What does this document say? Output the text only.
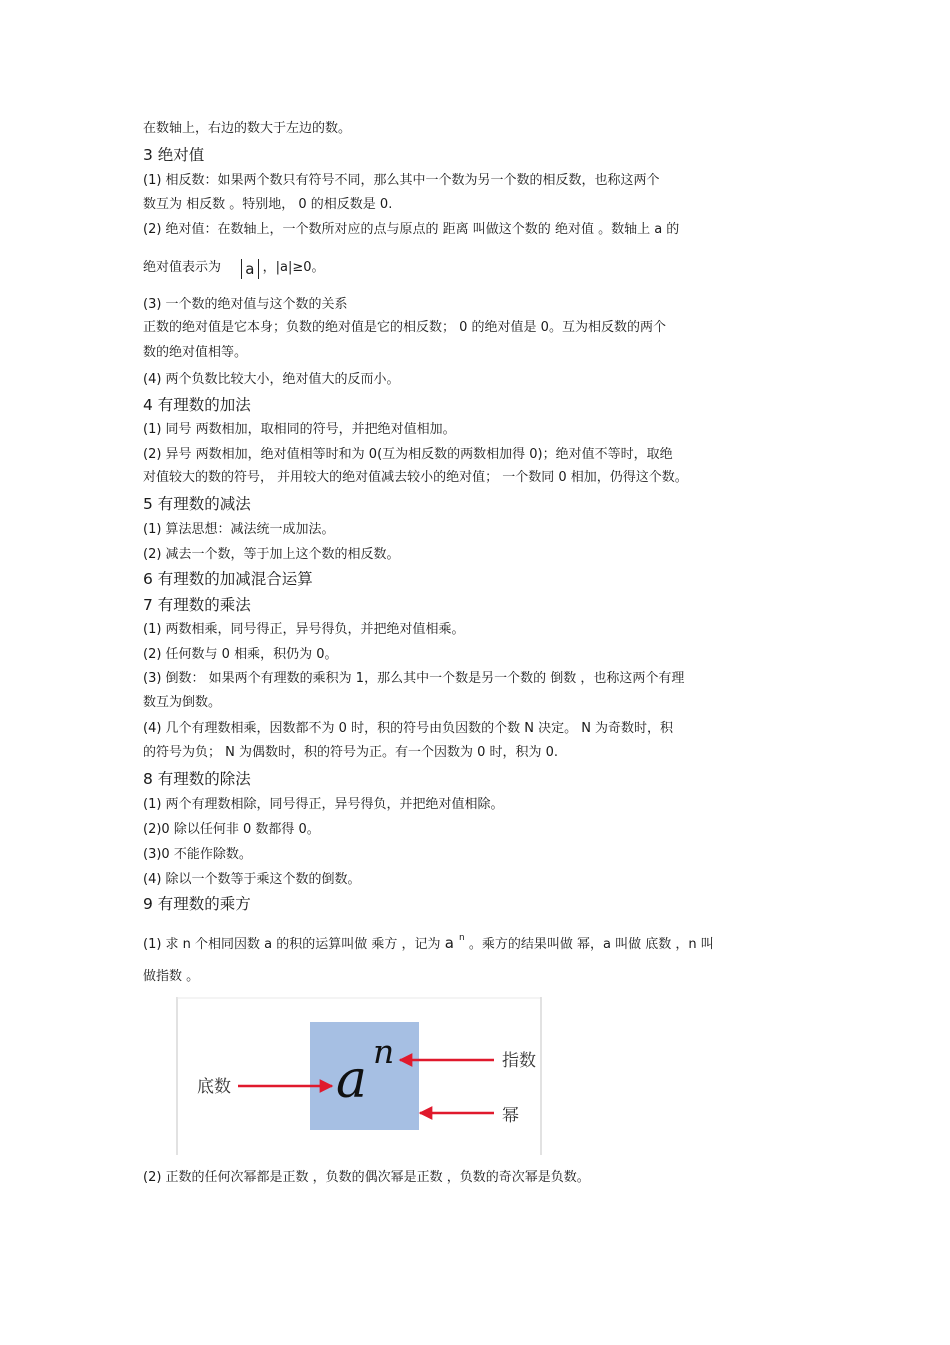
在数轴上，右边的数大于左边的数。
3 绝对值
(1) 相反数：如果两个数只有符号不同，那么其中一个数为另一个数的相反数，也称这两个
数互为 相反数 。特别地， 0 的相反数是 0.
(2) 绝对值：在数轴上，一个数所对应的点与原点的 距离 叫做这个数的 绝对值 。数轴上 a 的
绝对值表示为 a ，|a|≥0。
(3) 一个数的绝对值与这个数的关系
正数的绝对值是它本身；负数的绝对值是它的相反数； 0 的绝对值是 0。互为相反数的两个
数的绝对值相等。
(4) 两个负数比较大小，绝对值大的反而小。
4 有理数的加法
(1) 同号 两数相加，取相同的符号，并把绝对值相加。
(2) 异号 两数相加，绝对值相等时和为 0(互为相反数的两数相加得 0)；绝对值不等时，取绝
对值较大的数的符号， 并用较大的绝对值减去较小的绝对值； 一个数同 0 相加，仍得这个数。
5 有理数的减法
(1) 算法思想：减法统一成加法。
(2) 减去一个数，等于加上这个数的相反数。
6 有理数的加减混合运算
7 有理数的乘法
(1) 两数相乘，同号得正，异号得负，并把绝对值相乘。
(2) 任何数与 0 相乘，积仍为 0。
(3) 倒数： 如果两个有理数的乘积为 1，那么其中一个数是另一个数的 倒数 ，也称这两个有理
数互为倒数。
(4) 几个有理数相乘，因数都不为 0 时，积的符号由负因数的个数 N 决定。 N 为奇数时，积
的符号为负； N 为偶数时，积的符号为正。有一个因数为 0 时，积为 0.
8 有理数的除法
(1) 两个有理数相除，同号得正，异号得负，并把绝对值相除。
(2)0 除以任何非 0 数都得 0。
(3)0 不能作除数。
(4) 除以一个数等于乘这个数的倒数。
9 有理数的乘方
(1) 求 n 个相同因数 a 的积的运算叫做 乘方 ，记为 a $^n$ 。乘方的结果叫做 幂，a 叫做 底数 ，n 叫
做指数 。
a n
底数
指数
幂
(2) 正数的任何次幂都是正数 ，负数的偶次幂是正数 ，负数的奇次幂是负数。
